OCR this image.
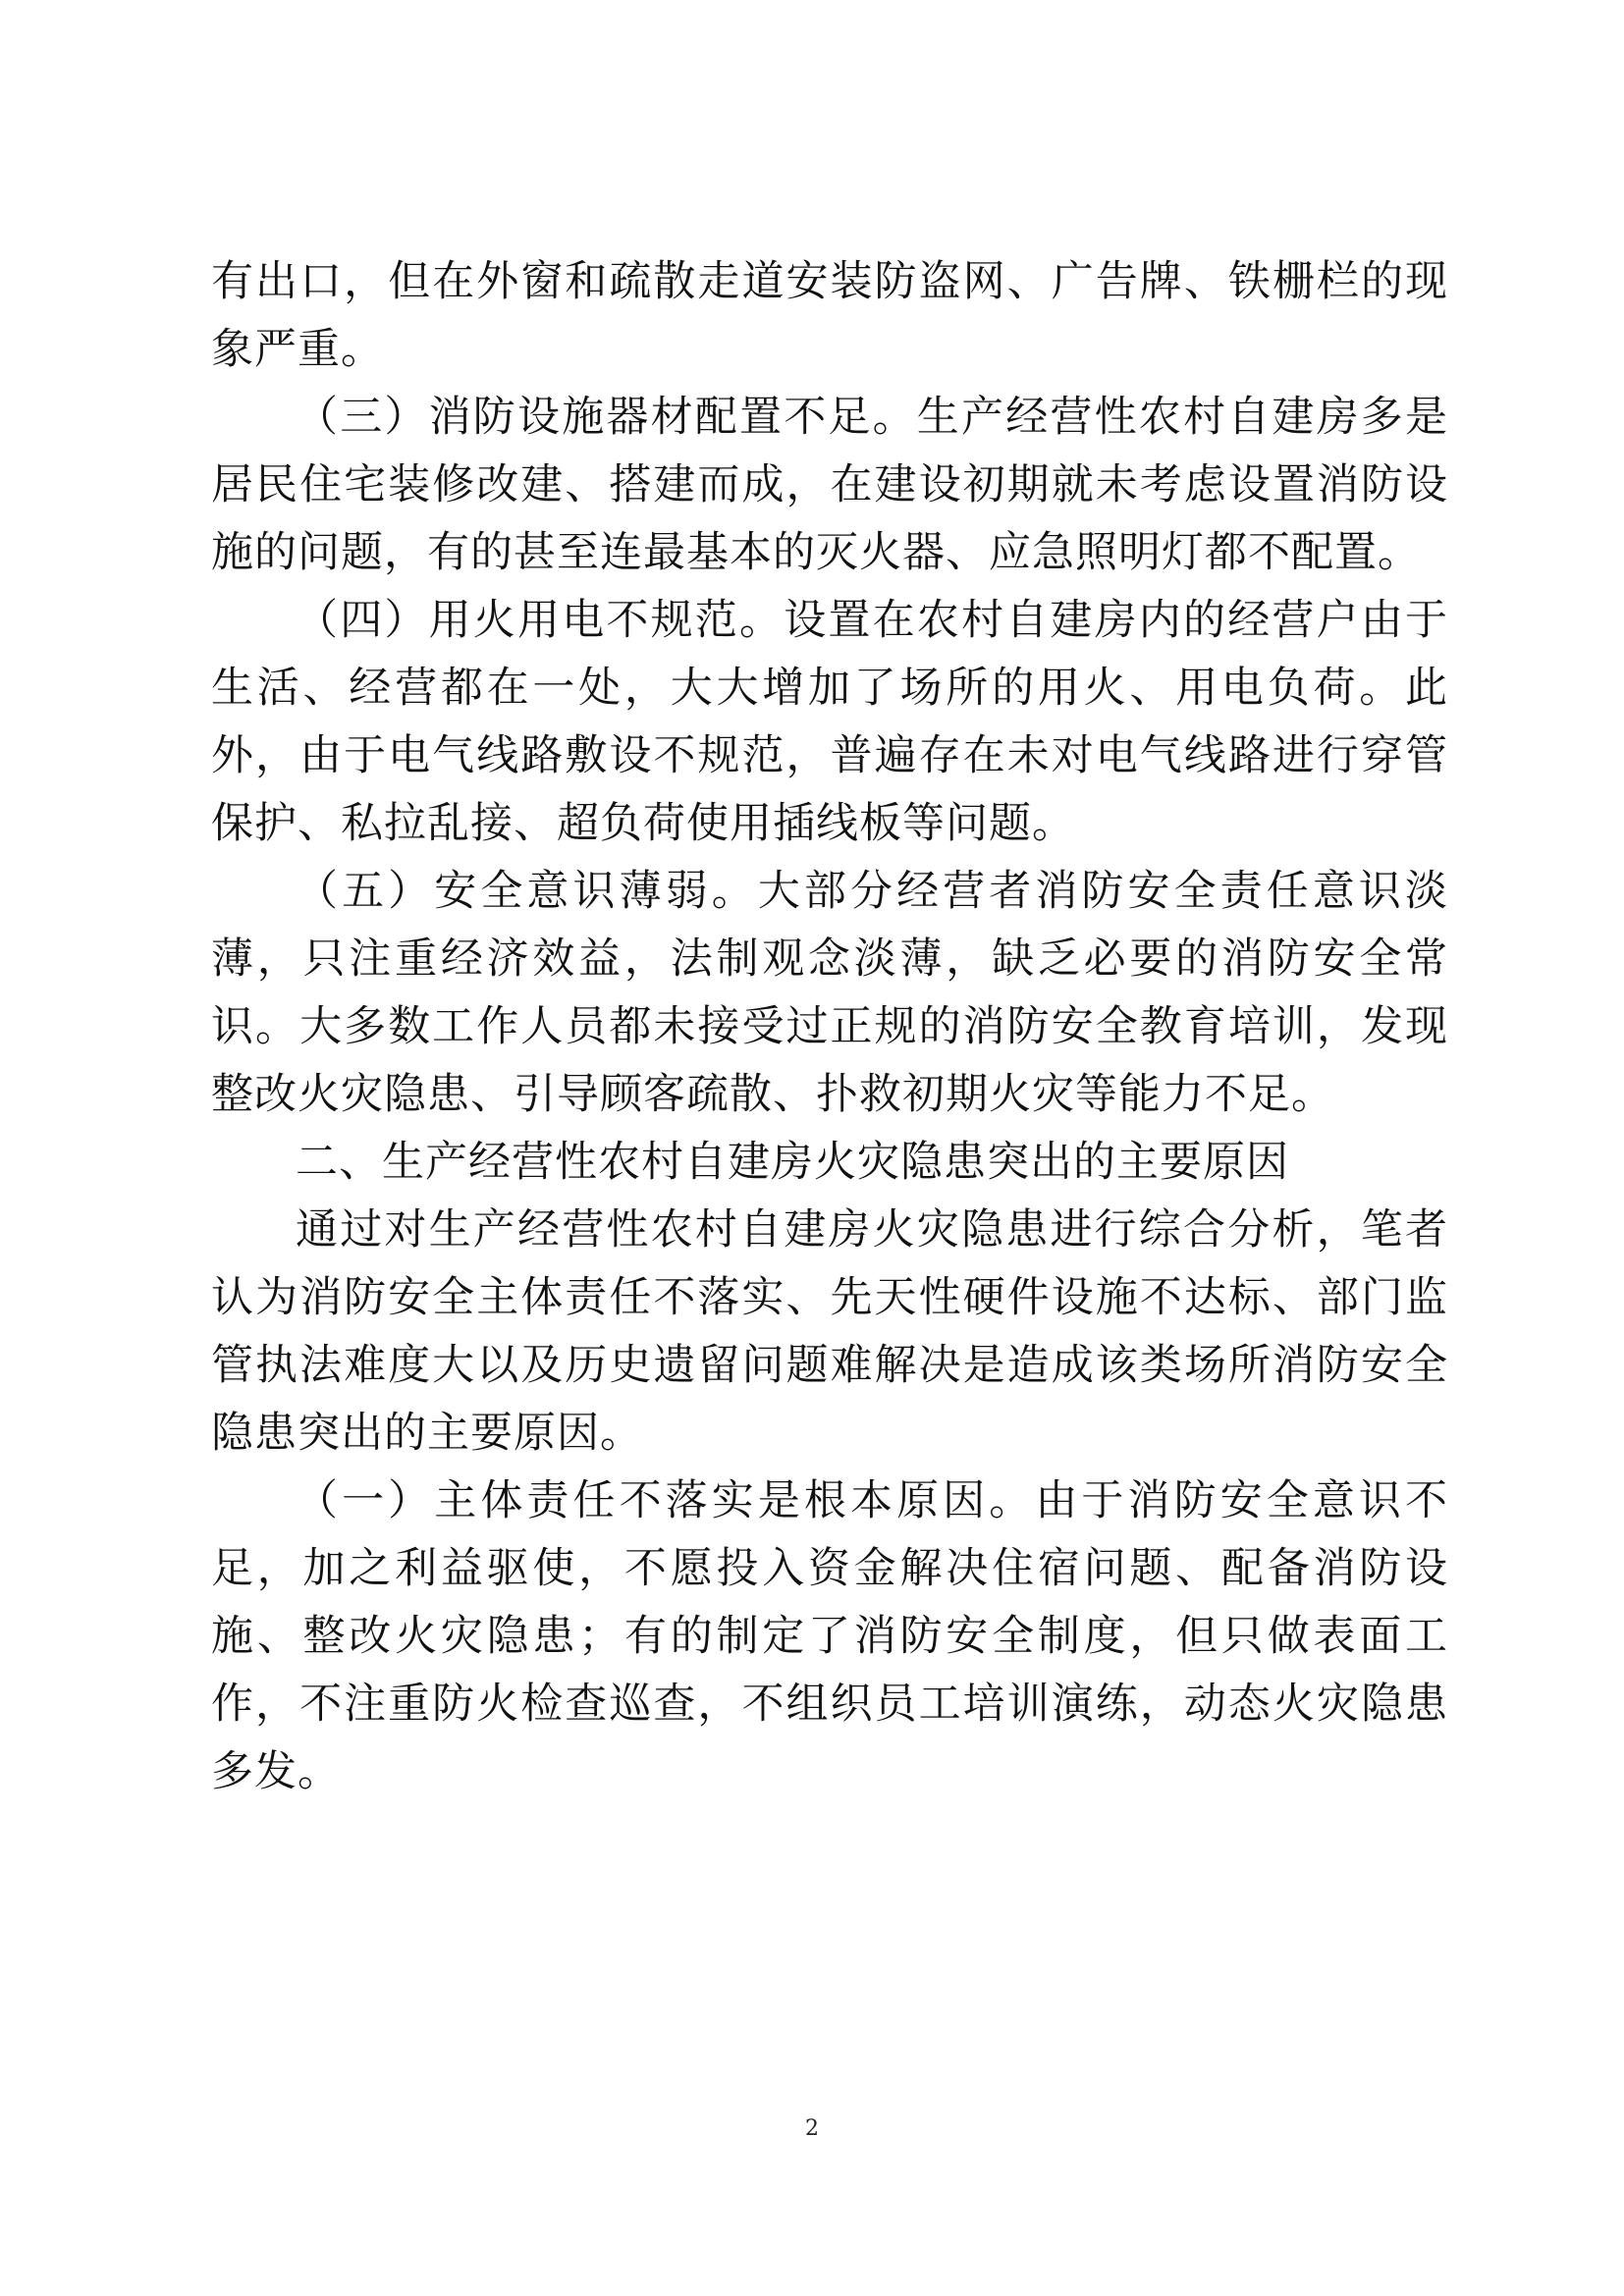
有出口，但在外窗和疏散走道安装防盗网、广告牌、铁栅栏的现象严重。

（三）消防设施器材配置不足。生产经营性农村自建房多是居民住宅装修改建、搭建而成，在建设初期就未考虑设置消防设施的问题，有的甚至连最基本的灭火器、应急照明灯都不配置。

（四）用火用电不规范。设置在农村自建房内的经营户由于生活、经营都在一处，大大增加了场所的用火、用电负荷。此外，由于电气线路敷设不规范，普遍存在未对电气线路进行穿管保护、私拉乱接、超负荷使用插线板等问题。

（五）安全意识薄弱。大部分经营者消防安全责任意识淡薄，只注重经济效益，法制观念淡薄，缺乏必要的消防安全常识。大多数工作人员都未接受过正规的消防安全教育培训，发现整改火灾隐患、引导顾客疏散、扑救初期火灾等能力不足。

二、生产经营性农村自建房火灾隐患突出的主要原因

通过对生产经营性农村自建房火灾隐患进行综合分析，笔者认为消防安全主体责任不落实、先天性硬件设施不达标、部门监管执法难度大以及历史遗留问题难解决是造成该类场所消防安全隐患突出的主要原因。

（一）主体责任不落实是根本原因。由于消防安全意识不足，加之利益驱使，不愿投入资金解决住宿问题、配备消防设施、整改火灾隐患；有的制定了消防安全制度，但只做表面工作，不注重防火检查巡查，不组织员工培训演练，动态火灾隐患多发。

2
